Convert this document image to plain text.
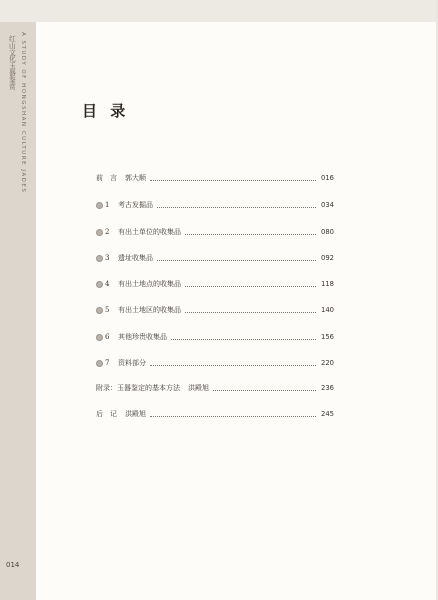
红山文化玉器鉴赏 A STUDY OF HONGSHAN CULTURE JADES
014
目 录
前　言 郭大顺	016
1 考古发掘品	034
2 有出土单位的收集品	080
3 遗址收集品	092
4 有出土地点的收集品	118
5 有出土地区的收集品	140
6 其他珍贵收集品	156
7 资料部分	220
附录：玉器鉴定的基本方法 洪殿旭	236
后　记 洪殿旭	245
